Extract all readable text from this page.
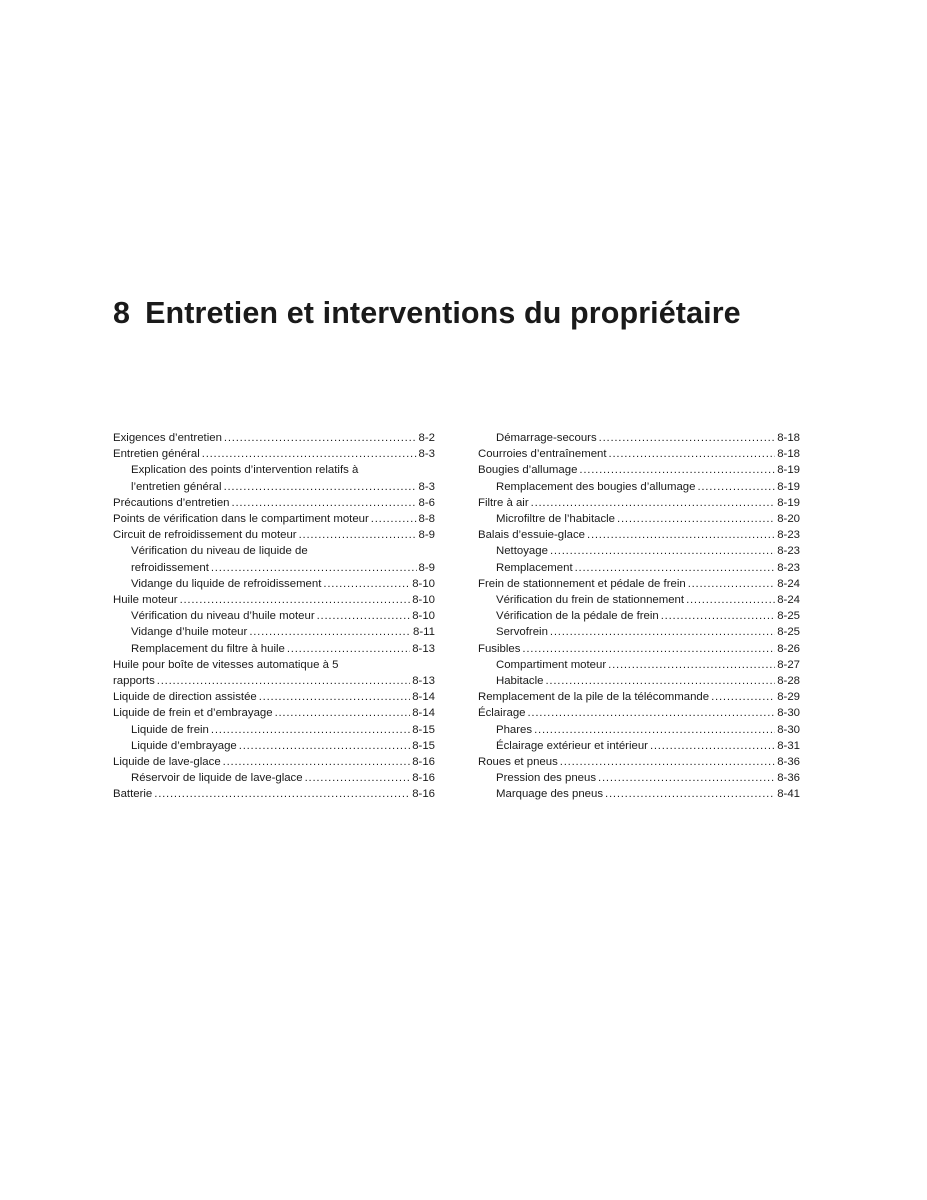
8 Entretien et interventions du propriétaire
Exigences d’entretien . . .	8-2
Entretien général . . .	8-3
Explication des points d’intervention relatifs à
l’entretien général . . .	8-3
Précautions d’entretien . . .	8-6
Points de vérification dans le compartiment moteur . . .	8-8
Circuit de refroidissement du moteur . . .	8-9
Vérification du niveau de liquide de
refroidissement . . .	8-9
Vidange du liquide de refroidissement . . .	8-10
Huile moteur . . .	8-10
Vérification du niveau d’huile moteur . . .	8-10
Vidange d’huile moteur . . .	8-11
Remplacement du filtre à huile . . .	8-13
Huile pour boîte de vitesses automatique à 5
rapports . . .	8-13
Liquide de direction assistée . . .	8-14
Liquide de frein et d’embrayage . . .	8-14
Liquide de frein . . .	8-15
Liquide d’embrayage . . .	8-15
Liquide de lave-glace . . .	8-16
Réservoir de liquide de lave-glace . . .	8-16
Batterie . . .	8-16
Démarrage-secours . . .	8-18
Courroies d’entraînement . . .	8-18
Bougies d’allumage . . .	8-19
Remplacement des bougies d’allumage . . .	8-19
Filtre à air . . .	8-19
Microfiltre de l’habitacle . . .	8-20
Balais d’essuie-glace . . .	8-23
Nettoyage . . .	8-23
Remplacement . . .	8-23
Frein de stationnement et pédale de frein . . .	8-24
Vérification du frein de stationnement . . .	8-24
Vérification de la pédale de frein . . .	8-25
Servofrein . . .	8-25
Fusibles . . .	8-26
Compartiment moteur . . .	8-27
Habitacle . . .	8-28
Remplacement de la pile de la télécommande . . .	8-29
Éclairage . . .	8-30
Phares . . .	8-30
Éclairage extérieur et intérieur . . .	8-31
Roues et pneus . . .	8-36
Pression des pneus . . .	8-36
Marquage des pneus . . .	8-41
